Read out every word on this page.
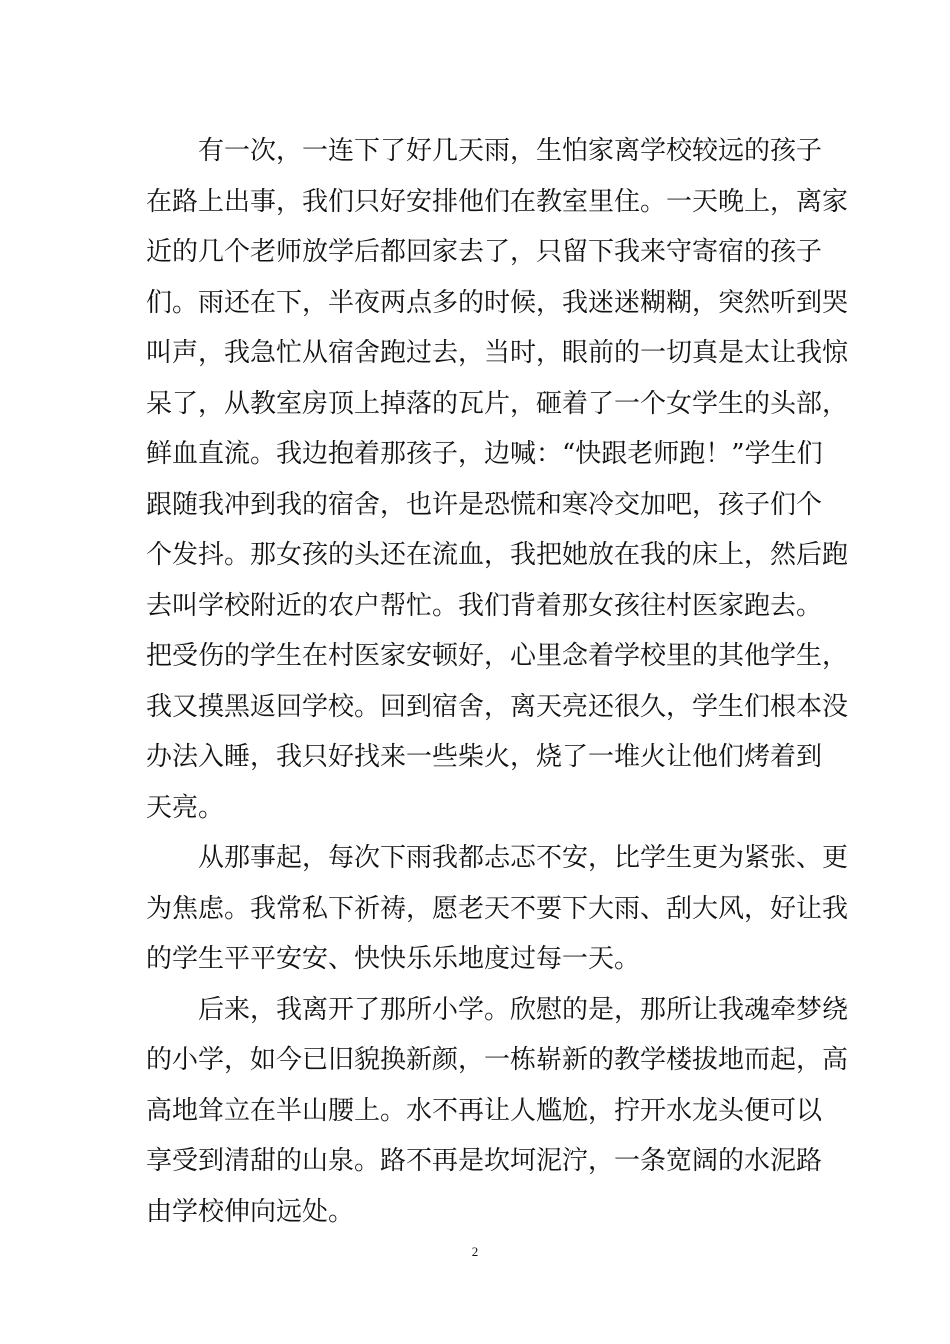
有一次，一连下了好几天雨，生怕家离学校较远的孩子
在路上出事，我们只好安排他们在教室里住。一天晚上，离家
近的几个老师放学后都回家去了，只留下我来守寄宿的孩子
们。雨还在下，半夜两点多的时候，我迷迷糊糊，突然听到哭
叫声，我急忙从宿舍跑过去，当时，眼前的一切真是太让我惊
呆了，从教室房顶上掉落的瓦片，砸着了一个女学生的头部，
鲜血直流。我边抱着那孩子，边喊：“快跟老师跑！”学生们
跟随我冲到我的宿舍，也许是恐慌和寒冷交加吧，孩子们个
个发抖。那女孩的头还在流血，我把她放在我的床上，然后跑
去叫学校附近的农户帮忙。我们背着那女孩往村医家跑去。
把受伤的学生在村医家安顿好，心里念着学校里的其他学生，
我又摸黑返回学校。回到宿舍，离天亮还很久，学生们根本没
办法入睡，我只好找来一些柴火，烧了一堆火让他们烤着到
天亮。
从那事起，每次下雨我都忐忑不安，比学生更为紧张、更
为焦虑。我常私下祈祷，愿老天不要下大雨、刮大风，好让我
的学生平平安安、快快乐乐地度过每一天。
后来，我离开了那所小学。欣慰的是，那所让我魂牵梦绕
的小学，如今已旧貌换新颜，一栋崭新的教学楼拔地而起，高
高地耸立在半山腰上。水不再让人尴尬，拧开水龙头便可以
享受到清甜的山泉。路不再是坎坷泥泞，一条宽阔的水泥路
由学校伸向远处。
2
